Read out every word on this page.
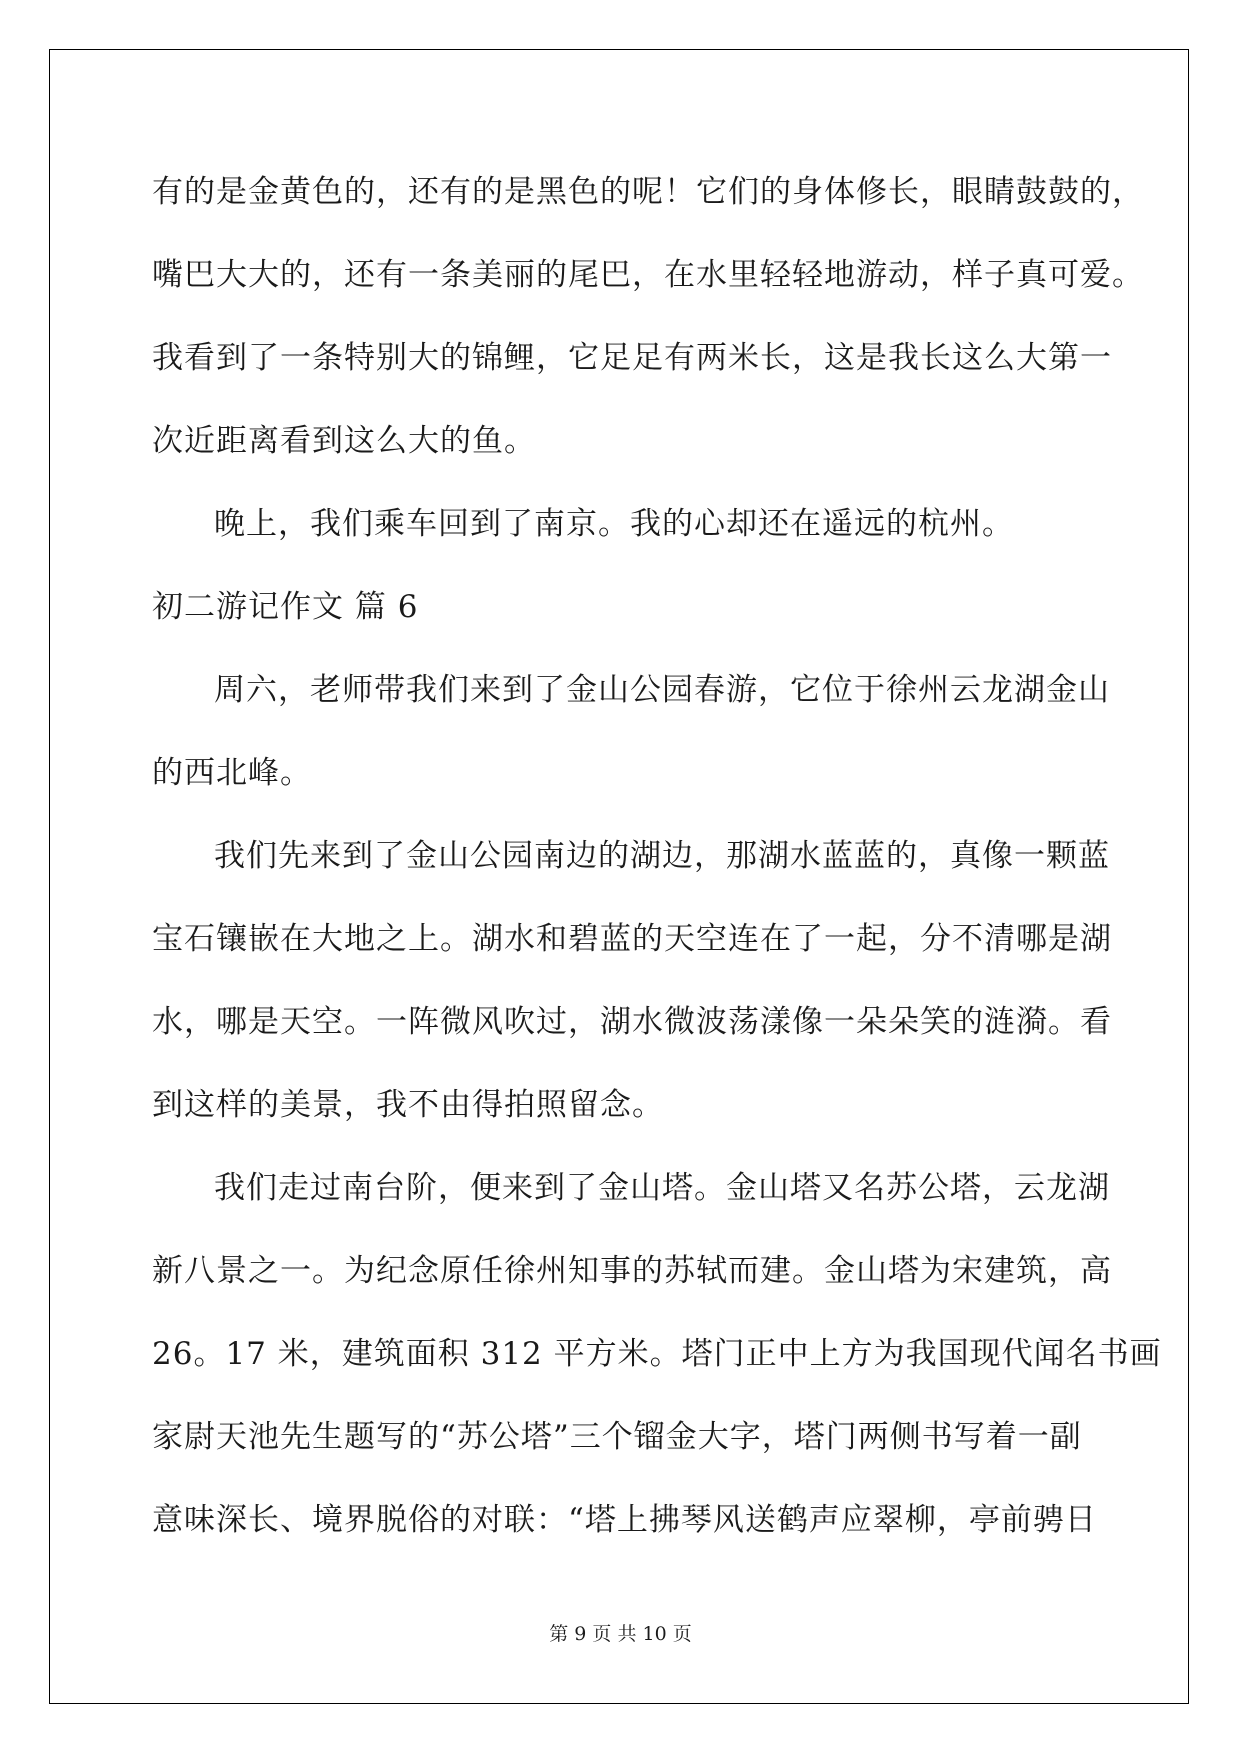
有的是金黄色的，还有的是黑色的呢！它们的身体修长，眼睛鼓鼓的，
嘴巴大大的，还有一条美丽的尾巴，在水里轻轻地游动，样子真可爱。
我看到了一条特别大的锦鲤，它足足有两米长，这是我长这么大第一
次近距离看到这么大的鱼。
晚上，我们乘车回到了南京。我的心却还在遥远的杭州。
初二游记作文 篇 6
周六，老师带我们来到了金山公园春游，它位于徐州云龙湖金山
的西北峰。
我们先来到了金山公园南边的湖边，那湖水蓝蓝的，真像一颗蓝
宝石镶嵌在大地之上。湖水和碧蓝的天空连在了一起，分不清哪是湖
水，哪是天空。一阵微风吹过，湖水微波荡漾像一朵朵笑的涟漪。看
到这样的美景，我不由得拍照留念。
我们走过南台阶，便来到了金山塔。金山塔又名苏公塔，云龙湖
新八景之一。为纪念原任徐州知事的苏轼而建。金山塔为宋建筑，高
26。17 米，建筑面积 312 平方米。塔门正中上方为我国现代闻名书画
家尉天池先生题写的“苏公塔”三个镏金大字，塔门两侧书写着一副
意味深长、境界脱俗的对联：“塔上拂琴风送鹤声应翠柳，亭前骋日
第 9 页 共 10 页
